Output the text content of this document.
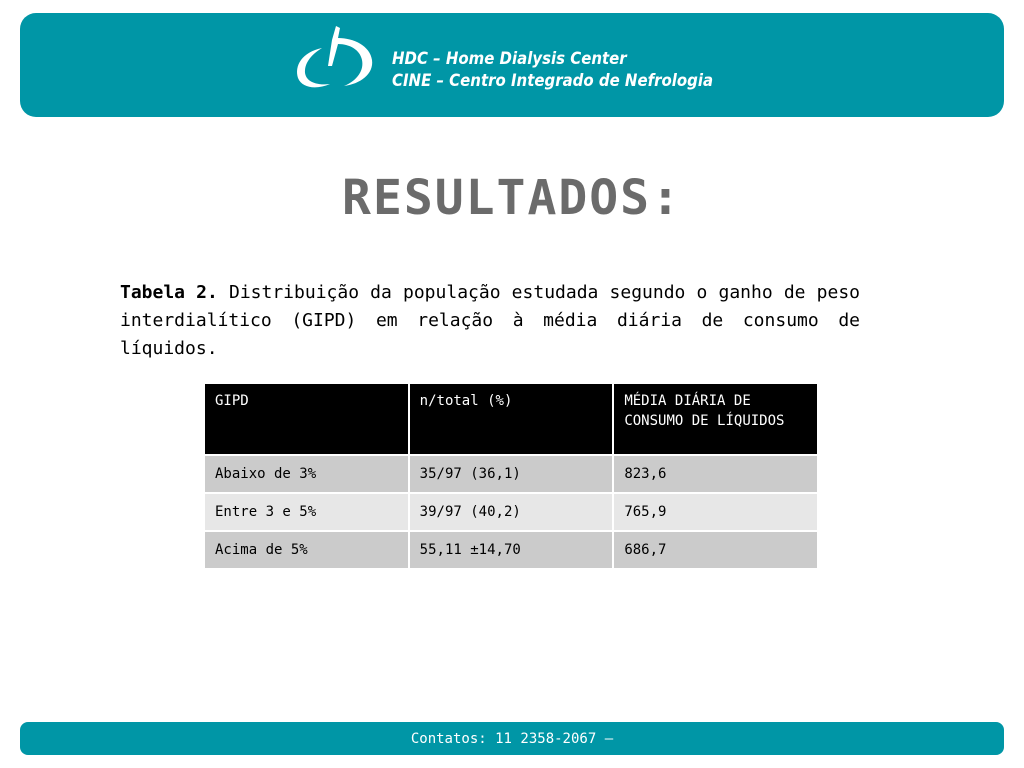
HDC – Home Dialysis Center
CINE – Centro Integrado de Nefrologia
RESULTADOS:

Tabela 2. Distribuição da população estudada segundo o ganho de peso interdialítico (GIPD) em relação à média diária de consumo de líquidos.

GIPD	n/total (%)	MÉDIA DIÁRIA DE CONSUMO DE LÍQUIDOS
Abaixo de 3%	35/97 (36,1)	823,6
Entre 3 e 5%	39/97 (40,2)	765,9
Acima de 5%	55,11 ±14,70	686,7
Contatos: 11 2358-2067 –
